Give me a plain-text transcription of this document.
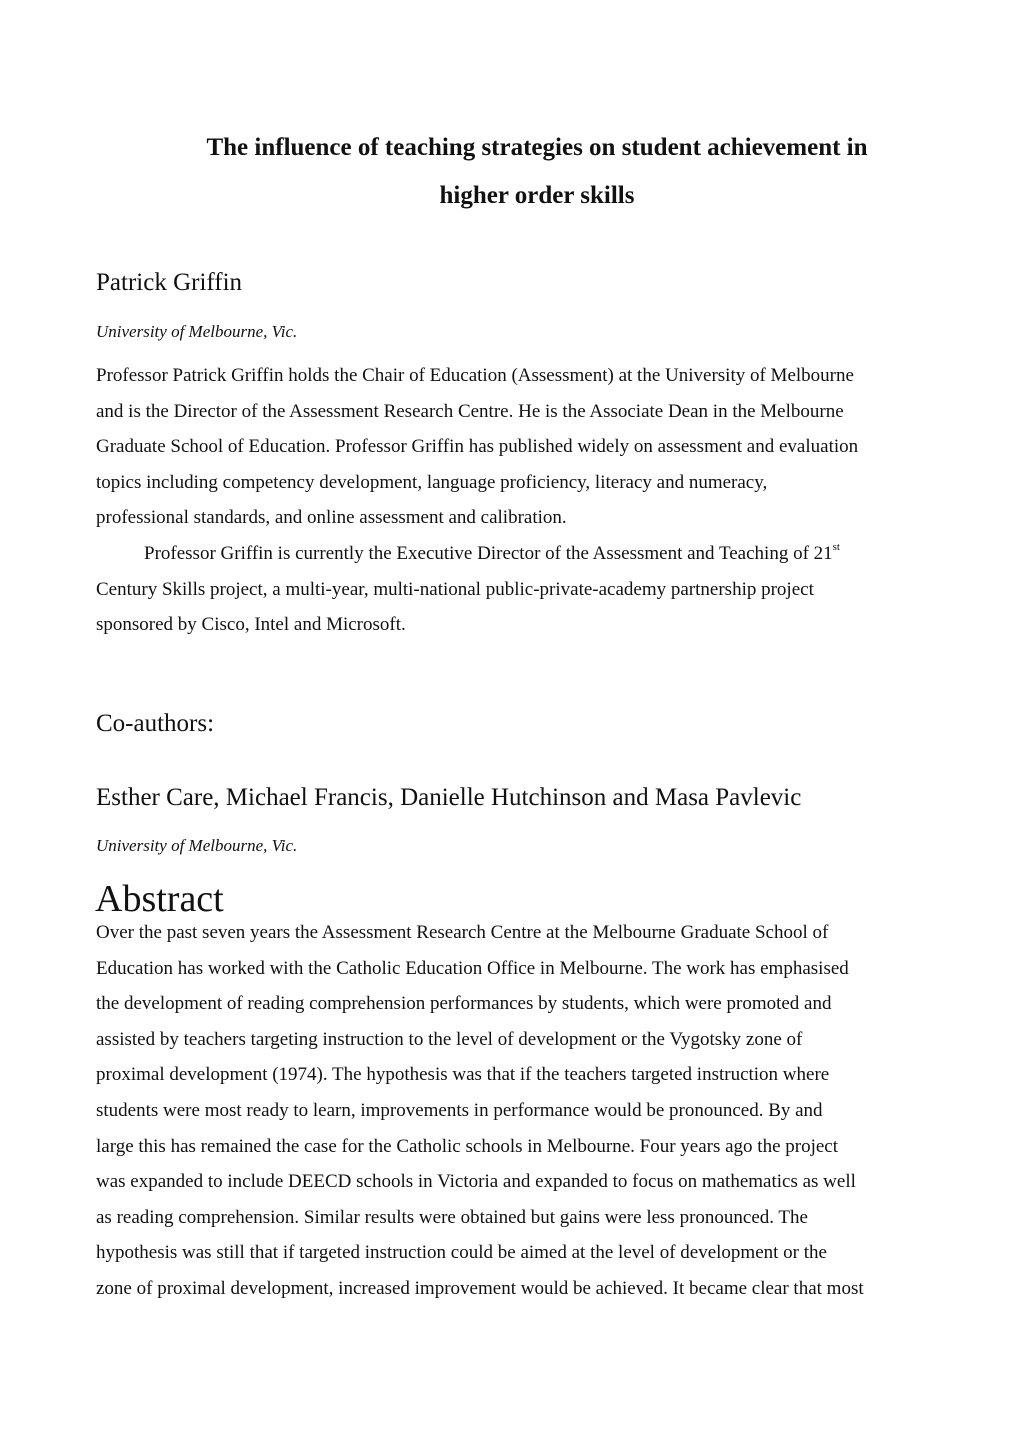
The influence of teaching strategies on student achievement in
higher order skills

Patrick Griffin

University of Melbourne, Vic.

Professor Patrick Griffin holds the Chair of Education (Assessment) at the University of Melbourne
and is the Director of the Assessment Research Centre. He is the Associate Dean in the Melbourne
Graduate School of Education. Professor Griffin has published widely on assessment and evaluation
topics including competency development, language proficiency, literacy and numeracy,
professional standards, and online assessment and calibration.
Professor Griffin is currently the Executive Director of the Assessment and Teaching of 21st
Century Skills project, a multi-year, multi-national public-private-academy partnership project
sponsored by Cisco, Intel and Microsoft.

Co-authors:

Esther Care, Michael Francis, Danielle Hutchinson and Masa Pavlevic

University of Melbourne, Vic.

Abstract
Over the past seven years the Assessment Research Centre at the Melbourne Graduate School of
Education has worked with the Catholic Education Office in Melbourne. The work has emphasised
the development of reading comprehension performances by students, which were promoted and
assisted by teachers targeting instruction to the level of development or the Vygotsky zone of
proximal development (1974). The hypothesis was that if the teachers targeted instruction where
students were most ready to learn, improvements in performance would be pronounced. By and
large this has remained the case for the Catholic schools in Melbourne. Four years ago the project
was expanded to include DEECD schools in Victoria and expanded to focus on mathematics as well
as reading comprehension. Similar results were obtained but gains were less pronounced. The
hypothesis was still that if targeted instruction could be aimed at the level of development or the
zone of proximal development, increased improvement would be achieved. It became clear that most
